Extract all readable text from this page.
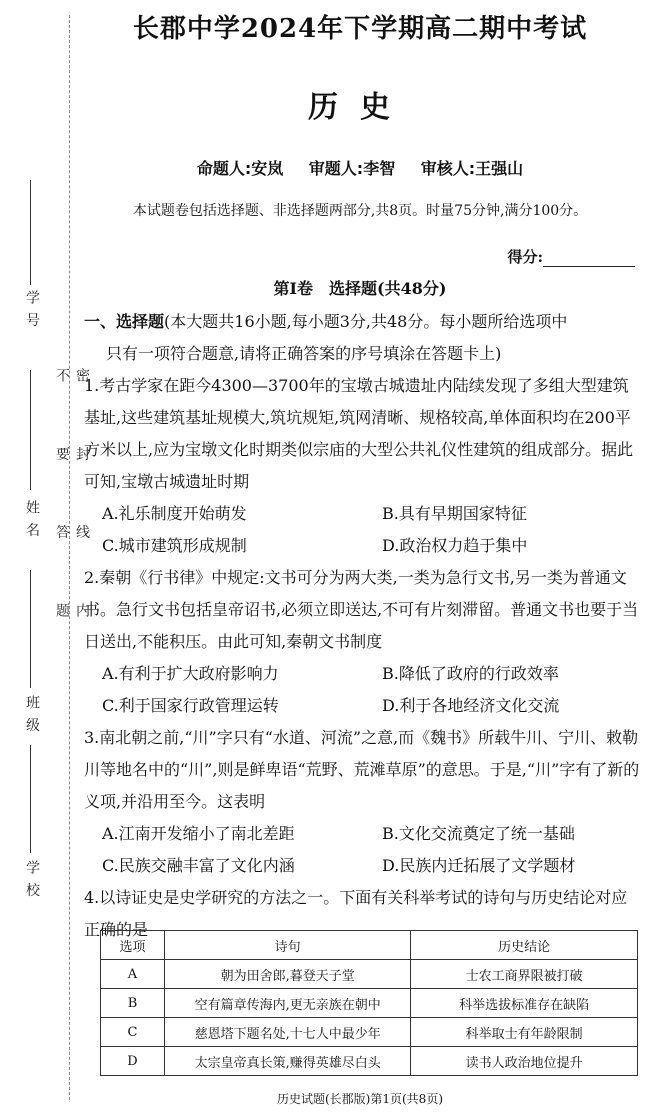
学 号
姓 名
班 级
学 校
密 封 线 内 不 要 答 题
长郡中学2024年下学期高二期中考试
历史
命题人:安岚 审题人:李智 审核人:王强山
本试题卷包括选择题、非选择题两部分,共8页。时量75分钟,满分100分。
得分:
第Ⅰ卷　选择题(共48分)

一、选择题(本大题共16小题,每小题3分,共48分。每小题所给选项中

只有一项符合题意,请将正确答案的序号填涂在答题卡上)

1.考古学家在距今4300—3700年的宝墩古城遗址内陆续发现了多组大型建筑基址,这些建筑基址规模大,筑坑规矩,筑网清晰、规格较高,单体面积均在200平方米以上,应为宝墩文化时期类似宗庙的大型公共礼仪性建筑的组成部分。据此可知,宝墩古城遗址时期
A.礼乐制度开始萌发	B.具有早期国家特征
C.城市建筑形成规制	D.政治权力趋于集中
2.秦朝《行书律》中规定:文书可分为两大类,一类为急行文书,另一类为普通文书。急行文书包括皇帝诏书,必须立即送达,不可有片刻滞留。普通文书也要于当日送出,不能积压。由此可知,秦朝文书制度
A.有利于扩大政府影响力	B.降低了政府的行政效率
C.利于国家行政管理运转	D.利于各地经济文化交流
3.南北朝之前,“川”字只有“水道、河流”之意,而《魏书》所载牛川、宁川、敕勒川等地名中的“川”,则是鲜卑语“荒野、荒滩草原”的意思。于是,“川”字有了新的义项,并沿用至今。这表明
A.江南开发缩小了南北差距	B.文化交流奠定了统一基础
C.民族交融丰富了文化内涵	D.民族内迁拓展了文学题材
4.以诗证史是史学研究的方法之一。下面有关科举考试的诗句与历史结论对应正确的是
选项	诗句	历史结论
A	朝为田舍郎,暮登天子堂	士农工商界限被打破
B	空有篇章传海内,更无亲族在朝中	科举选拔标准存在缺陷
C	慈恩塔下题名处,十七人中最少年	科举取士有年龄限制
D	太宗皇帝真长策,赚得英雄尽白头	读书人政治地位提升
历史试题(长郡版)第1页(共8页)
